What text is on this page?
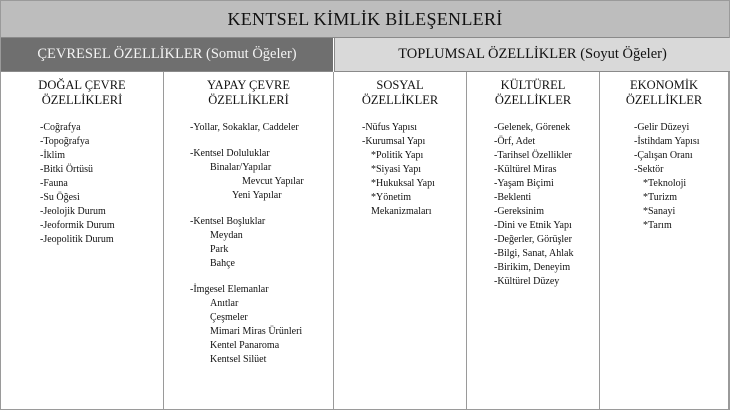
KENTSEL KİMLİK BİLEŞENLERİ
ÇEVRESEL ÖZELLİKLER (Somut Öğeler)	TOPLUMSAL ÖZELLİKLER (Soyut Öğeler)
DOĞAL ÇEVRE
ÖZELLİKLERİ
-Coğrafya
-Topoğrafya
-İklim
-Bitki Örtüsü
-Fauna
-Su Öğesi
-Jeolojik Durum
-Jeoformik Durum
-Jeopolitik Durum
YAPAY ÇEVRE
ÖZELLİKLERİ
-Yollar, Sokaklar, Caddeler
-Kentsel Doluluklar
Binalar/Yapılar
Mevcut Yapılar
Yeni Yapılar
-Kentsel Boşluklar
Meydan
Park
Bahçe
-İmgesel Elemanlar
Anıtlar
Çeşmeler
Mimari Miras Ürünleri
Kentel Panaroma
Kentsel Silüet
SOSYAL
ÖZELLİKLER
-Nüfus Yapısı
-Kurumsal Yapı
*Politik Yapı
*Siyasi Yapı
*Hukuksal Yapı
*Yönetim
Mekanizmaları
KÜLTÜREL
ÖZELLİKLER
-Gelenek, Görenek
-Örf, Adet
-Tarihsel Özellikler
-Kültürel Miras
-Yaşam Biçimi
-Beklenti
-Gereksinim
-Dini ve Etnik Yapı
-Değerler, Görüşler
-Bilgi, Sanat, Ahlak
-Birikim, Deneyim
-Kültürel Düzey
EKONOMİK
ÖZELLİKLER
-Gelir Düzeyi
-İstihdam Yapısı
-Çalışan Oranı
-Sektör
*Teknoloji
*Turizm
*Sanayi
*Tarım
